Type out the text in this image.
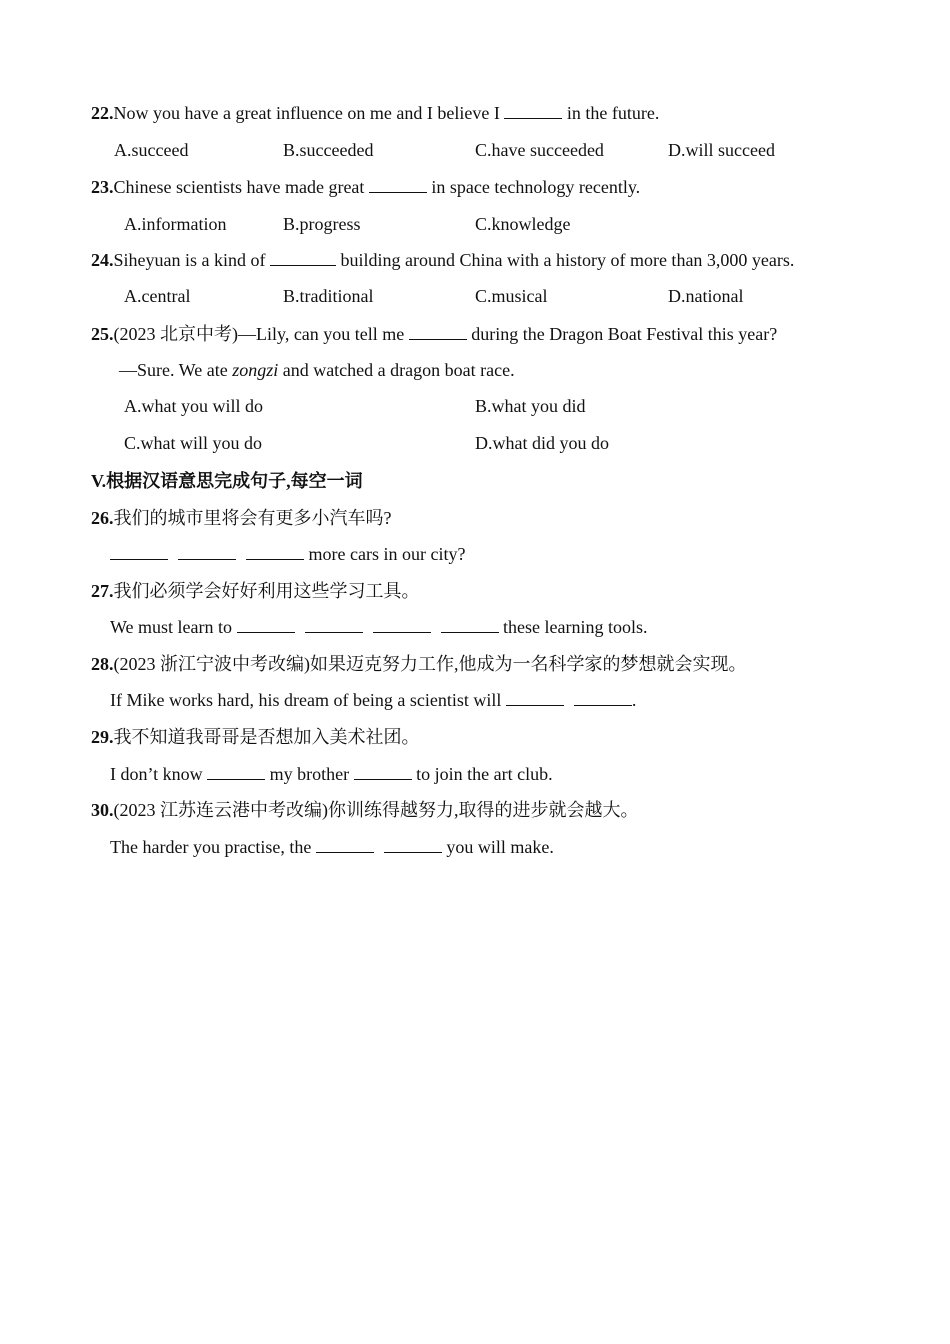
22.Now you have a great influence on me and I believe I	in the future.
A.succeed	B.succeeded	C.have succeeded	D.will succeed
23.Chinese scientists have made great	in space technology recently.
A.information	B.progress	C.knowledge
24.Siheyuan is a kind of	building around China with a history of more than 3,000 years.
A.central	B.traditional	C.musical	D.national
25.(2023 北京中考)—Lily, can you tell me	during the Dragon Boat Festival this year?
—Sure. We ate zongzi and watched a dragon boat race.
A.what you will do	B.what you did
C.what will you do	D.what did you do
V.根据汉语意思完成句子,每空一词
26.我们的城市里将会有更多小汽车吗?
more cars in our city?
27.我们必须学会好好利用这些学习工具。
We must learn to	these learning tools.
28.(2023 浙江宁波中考改编)如果迈克努力工作,他成为一名科学家的梦想就会实现。
If Mike works hard, his dream of being a scientist will	.
29.我不知道我哥哥是否想加入美术社团。
I don’t know	my brother	to join the art club.
30.(2023 江苏连云港中考改编)你训练得越努力,取得的进步就会越大。
The harder you practise, the	you will make.
